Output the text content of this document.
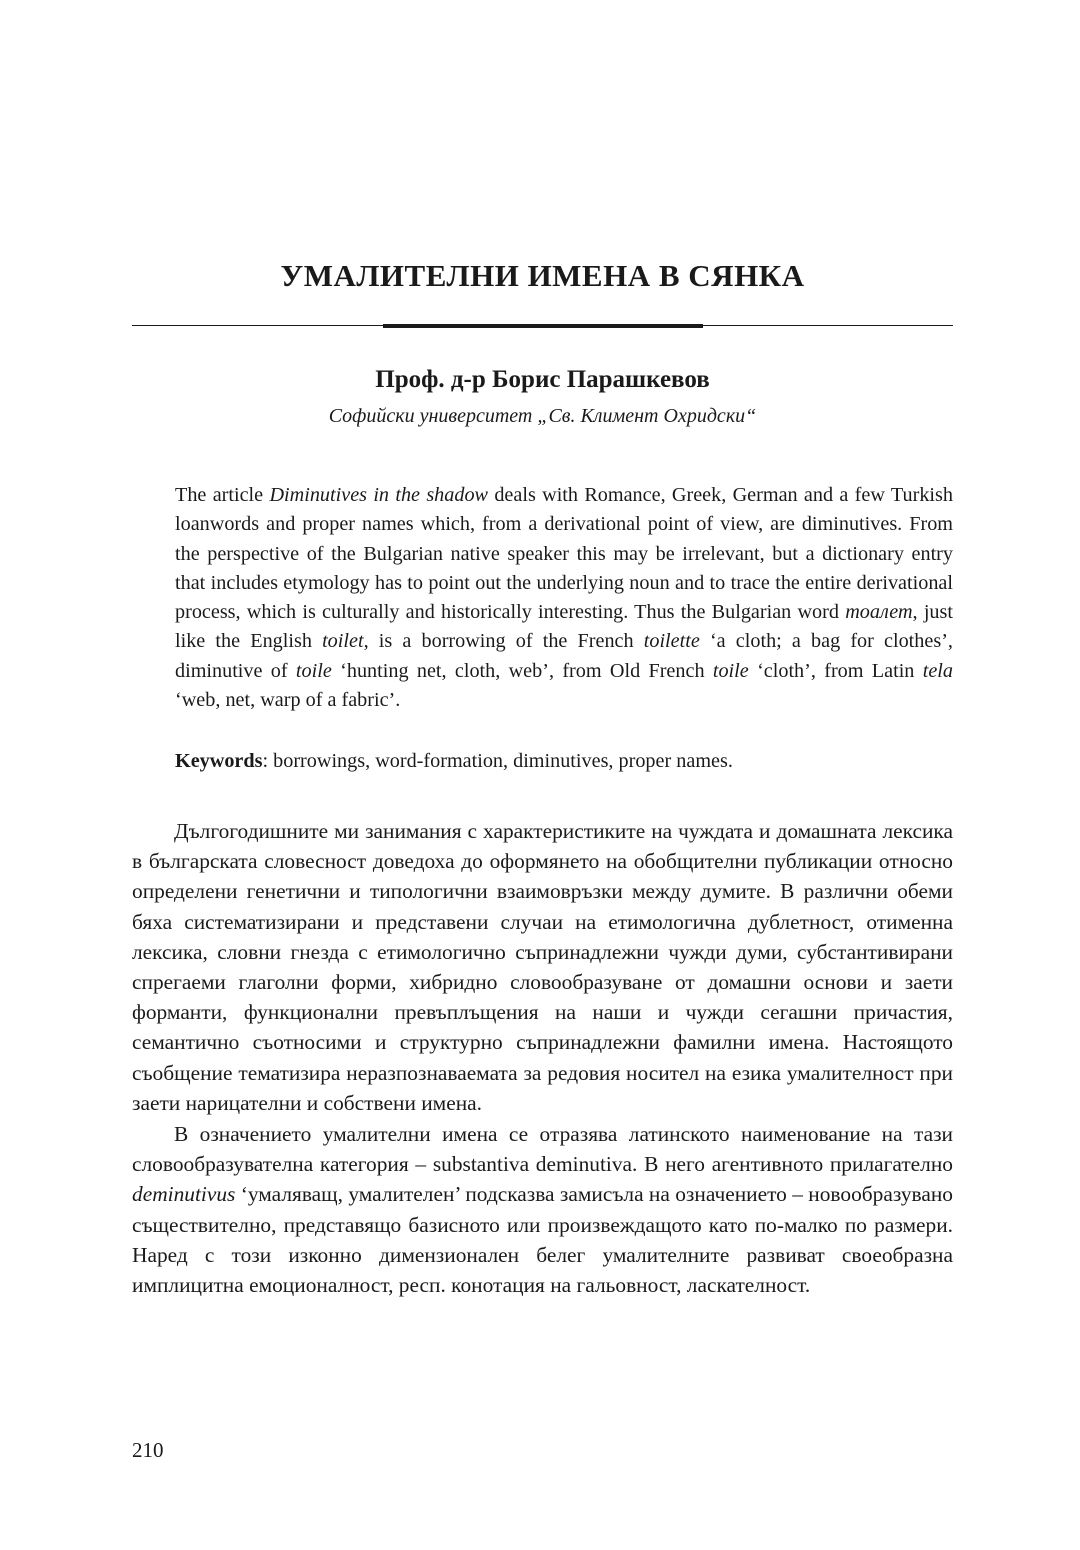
УМАЛИТЕЛНИ ИМЕНА В СЯНКА
Проф. д-р Борис Парашкевов
Софийски университет „Св. Климент Охридски“

The article Diminutives in the shadow deals with Romance, Greek, German and a few Turkish loanwords and proper names which, from a derivational point of view, are diminutives. From the perspective of the Bulgarian native speaker this may be irrelevant, but a dictionary entry that includes etymology has to point out the underlying noun and to trace the entire derivational process, which is culturally and historically interesting. Thus the Bulgarian word тоалет, just like the English toilet, is a borrowing of the French toilette ‘a cloth; a bag for clothes’, diminutive of toile ‘hunting net, cloth, web’, from Old French toile ‘cloth’, from Latin tela ‘web, net, warp of a fabric’.

Keywords: borrowings, word-formation, diminutives, proper names.

Дългогодишните ми занимания с характеристиките на чуждата и домашната лексика в българската словесност доведоха до оформянето на обобщителни публикации относно определени генетични и типологични взаимовръзки между думите. В различни обеми бяха систематизирани и представени случаи на етимологична дублетност, отименна лексика, словни гнезда с етимологично съпринадлежни чужди думи, субстантивирани спрегаеми глаголни форми, хибридно словообразуване от домашни основи и заети форманти, функционални превъплъщения на наши и чужди сегашни причастия, семантично съотносими и структурно съпринадлежни фамилни имена. Настоящото съобщение тематизира неразпознаваемата за редовия носител на езика умалителност при заети нарицателни и собствени имена.

В означението умалителни имена се отразява латинското наименование на тази словообразувателна категория – substantiva deminutiva. В него агентивното прилагателно deminutivus ‘умаляващ, умалителен’ подсказва замисъла на означението – новообразувано съществително, представящо базисното или произвеждащото като по-малко по размери. Наред с този изконно димензионален белег умалителните развиват своеобразна имплицитна емоционалност, респ. конотация на гальовност, ласкателност.

210
